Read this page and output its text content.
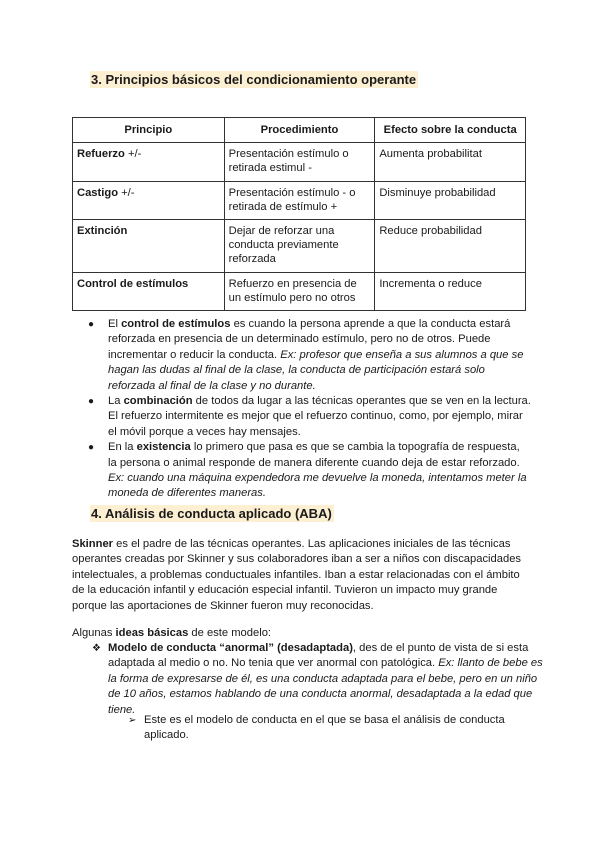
3. Principios básicos del condicionamiento operante
Principio	Procedimiento	Efecto sobre la conducta
Refuerzo +/-	Presentación estímulo o retirada estimul -	Aumenta probabilitat
Castigo +/-	Presentación estímulo - o retirada de estímulo +	Disminuye probabilidad
Extinción	Dejar de reforzar una conducta previamente reforzada	Reduce probabilidad
Control de estímulos	Refuerzo en presencia de un estímulo pero no otros	Incrementa o reduce
● El control de estímulos es cuando la persona aprende a que la conducta estará reforzada en presencia de un determinado estímulo, pero no de otros. Puede incrementar o reducir la conducta. Ex: profesor que enseña a sus alumnos a que se hagan las dudas al final de la clase, la conducta de participación estará solo reforzada al final de la clase y no durante.
● La combinación de todos da lugar a las técnicas operantes que se ven en la lectura. El refuerzo intermitente es mejor que el refuerzo continuo, como, por ejemplo, mirar el móvil porque a veces hay mensajes.
● En la existencia lo primero que pasa es que se cambia la topografía de respuesta, la persona o animal responde de manera diferente cuando deja de estar reforzado. Ex: cuando una máquina expendedora me devuelve la moneda, intentamos meter la moneda de diferentes maneras.
4. Análisis de conducta aplicado (ABA)

Skinner es el padre de las técnicas operantes. Las aplicaciones iniciales de las técnicas operantes creadas por Skinner y sus colaboradores iban a ser a niños con discapacidades intelectuales, a problemas conductuales infantiles. Iban a estar relacionadas con el ámbito de la educación infantil y educación especial infantil. Tuvieron un impacto muy grande porque las aportaciones de Skinner fueron muy reconocidas.

Algunas ideas básicas de este modelo:

❖ Modelo de conducta “anormal” (desadaptada), des de el punto de vista de si esta adaptada al medio o no. No tenia que ver anormal con patológica. Ex: llanto de bebe es la forma de expresarse de él, es una conducta adaptada para el bebe, pero en un niño de 10 años, estamos hablando de una conducta anormal, desadaptada a la edad que tiene.
➢ Este es el modelo de conducta en el que se basa el análisis de conducta aplicado.
